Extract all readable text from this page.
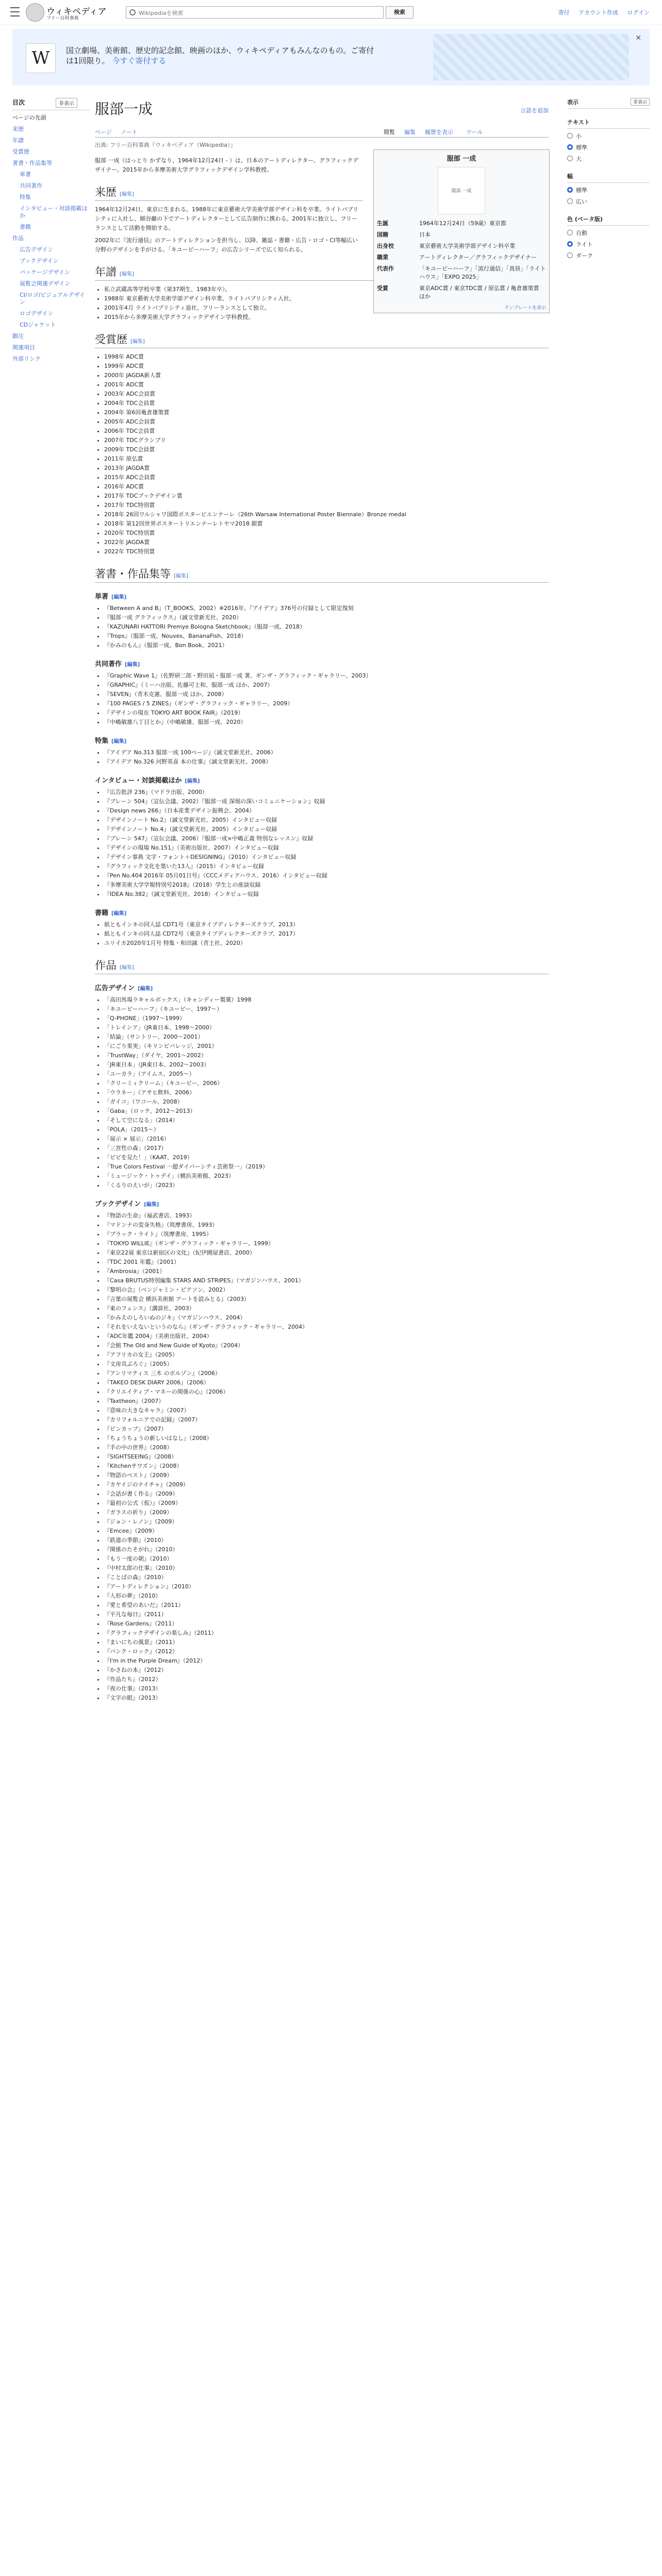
ウィキペディア
フリー百科事典
Wikipediaを検索
検索	寄付 アカウント作成 ログイン
W	国立劇場、美術館、歴史的記念館、映画のほか、ウィキペディアもみんなのもの。ご寄付は1回限り。 今すぐ寄付する
✕
目次	非表示
ページの先頭
来歴
年譜
受賞歴
著書・作品集等
単著
共同著作
特集
インタビュー・対談掲載ほか
書籍
作品
広告デザイン
ブックデザイン
パッケージデザイン
展覧会関連デザイン
CI/ロゴ/ビジュアルデザイン
ロゴデザイン
CDジャケット
脚注
関連項目
外部リンク
服部一成	言語を追加
ページ ノート	閲覧 編集 履歴を表示 ツール
出典: フリー百科事典『ウィキペディア（Wikipedia）』
服部 一成
服部 一成
生誕	1964年12月24日（59歳）東京都
国籍	日本
出身校	東京藝術大学美術学部デザイン科卒業
職業	アートディレクター／グラフィックデザイナー
代表作	「キユーピーハーフ」「流行通信」「真昼」「ライトハウス」「EXPO 2025」
受賞	東京ADC賞 / 東京TDC賞 / 原弘賞 / 亀倉雄策賞 ほか
テンプレートを表示
服部 一成（はっとり かずなり、1964年12月24日 - ）は、日本のアートディレクター、グラフィックデザイナー。2015年から多摩美術大学グラフィックデザイン学科教授。
来歴 [編集]
1964年12月24日、東京に生まれる。1988年に東京藝術大学美術学部デザイン科を卒業。ライトパブリシティに入社し、細谷巖の下でアートディレクターとして広告制作に携わる。2001年に独立し、フリーランスとして活動を開始する。
2002年に『流行通信』のアートディレクションを担当し、以降、雑誌・書籍・広告・ロゴ・CI等幅広い分野のデザインを手がける。「キユーピーハーフ」の広告シリーズで広く知られる。
年譜 [編集]
• 私立武蔵高等学校卒業（第37期生、1983年卒）。
• 1988年 東京藝術大学美術学部デザイン科卒業、ライトパブリシティ入社。
• 2001年4月 ライトパブリシティ退社、フリーランスとして独立。
• 2015年から多摩美術大学グラフィックデザイン学科教授。
受賞歴 [編集]
• 1998年 ADC賞
• 1999年 ADC賞
• 2000年 JAGDA新人賞
• 2001年 ADC賞
• 2003年 ADC会員賞
• 2004年 TDC会員賞
• 2004年 第6回亀倉雄策賞
• 2005年 ADC会員賞
• 2006年 TDC会員賞
• 2007年 TDCグランプリ
• 2009年 TDC会員賞
• 2011年 原弘賞
• 2013年 JAGDA賞
• 2015年 ADC会員賞
• 2016年 ADC賞
• 2017年 TDCブックデザイン賞
• 2017年 TDC特別賞
• 2018年 26回ワルシャワ国際ポスタービエンナーレ（26th Warsaw International Poster Biennale）Bronze medal
• 2018年 第12回世界ポスタートリエンナーレトヤマ2018 銀賞
• 2020年 TDC特別賞
• 2022年 JAGDA賞
• 2022年 TDC特別賞
著書・作品集等 [編集]
単著 [編集]
• 『Between A and B』（T_BOOKS、2002）※2016年、『アイデア』376号の付録として限定復刻
• 『服部一成 グラフィックス』（誠文堂新光社、2020）
• 『KAZUNARI HATTORI Premye Bologna Sketchbook』（服部一成、2018）
• 『Trops』（服部一成、Nouves、BananaFish、2018）
• 『かみのもん』（服部一成、Bon Book、2021）
共同著作 [編集]
• 『Graphic Wave 1』（佐野研二郎・野田凪・服部一成 著、ギンザ・グラフィック・ギャラリー、2003）
• 『GRAPHIC』（ミーハ出版、佐藤可士和、服部一成 ほか、2007）
• 『SEVEN』（青木克憲、服部一成 ほか、2008）
• 『100 PAGES / 5 ZINES』（ギンザ・グラフィック・ギャラリー、2009）
• 『デザインの現在 TOKYO ART BOOK FAIR』（2019）
• 『中嶋敏雄八丁目とか』（中嶋敏雄、服部一成、2020）
特集 [編集]
• 『アイデア No.313 服部一成 100ページ』（誠文堂新光社、2006）
• 『アイデア No.326 河野英喜 本の仕事』（誠文堂新光社、2008）
インタビュー・対談掲載ほか [編集]
• 『広告批評 236』（マドラ出版、2000）
• 『ブレーン 504』（宣伝会議、2002）『服部一成 深堀の深いコミュニケーション』収録
• 『Design news 266』（日本産業デザイン振興会、2004）
• 『デザインノート No.2』（誠文堂新光社、2005）インタビュー収録
• 『デザインノート No.4』（誠文堂新光社、2005）インタビュー収録
• 『ブレーン 547』（宣伝会議、2006）『服部一成×中嶋正義 特別なレッスン』収録
• 『デザインの現場 No.151』（美術出版社、2007）インタビュー収録
• 『デザイン事典 文字・フォント＋DESIGNING』（2010）インタビュー収録
• 『グラフィック文化を築いた13人』（2015）インタビュー収録
• 『Pen No.404 2016年 05月01日号』（CCCメディアハウス、2016）インタビュー収録
• 『多摩美術大学学報特別号2018』（2018）学生との座談収録
• 『IDEA No.382』（誠文堂新光社、2018）インタビュー収録
書籍 [編集]
• 紙ともインキの同人誌 CDT1号（東京タイプディレクターズクラブ、2013）
• 紙ともインキの同人誌 CDT2号（東京タイプディレクターズクラブ、2017）
• ユリイカ2020年1月号 特集・和田誠（青土社、2020）
作品 [編集]
広告デザイン [編集]
• 「高田馬場ラキャルボックス」（キャンディー製菓）1998
• 「キユーピーハーフ」（キユーピー、1997〜）
• 「Q-PHONE」（1997〜1999）
• 「トレインア」（JR東日本、1998〜2000）
• 「結論」（サントリー、2000〜2001）
• 「にごり果実」（キリンビバレッジ、2001）
• 「TrustWay」（ダイヤ、2001〜2002）
• 「JR東日本」（JR東日本、2002〜2003）
• 「ユーカラ」（アイムス、2005〜）
• 「クリーミィクリーム」（キユーピー、2006）
• 「ウラネー」（アサヒ飲料、2006）
• 「ガイコ」（ワコール、2008）
• 「Gaba」（ロッテ、2012〜2013）
• 「そして空になる」（2014）
• 「POLA」（2015〜）
• 「展示 × 展示」（2016）
• 「三宮性の森」（2017）
• 「ピピを見た！」（KAAT、2019）
• 「True Colors Festival 一超ダイバーシティ芸術祭一」（2019）
• 「ミュージック・トゥデイ」（横浜美術館、2023）
• 「くるりのえいが」（2023）
ブックデザイン [編集]
• 『物語の生命』（福武書店、1993）
• 『マドンナの変身失格』（筑摩書房、1993）
• 『ブラック・ライト』（筑摩書房、1995）
• 『TOKYO WILLIE』（ギンザ・グラフィック・ギャラリー、1999）
• 『東京22展 東京は新宿区の文化』（紀伊國屋書店、2000）
• 『TDC 2001 年鑑』（2001）
• 『Ambrosia』（2001）
• 『Casa BRUTUS特別編集 STARS AND STRIPES』（マガジンハウス、2001）
• 『黎明の会』（ベンジャミン・ピアソン、2002）
• 『言葉の展覧会 横浜美術館 アートを読みとる』（2003）
• 『東のフェンス』（講談社、2003）
• 『かみえのしろいぬのジキ』（マガジンハウス、2004）
• 『それをいえないというのなら』（ギンザ・グラフィック・ギャラリー、2004）
• 『ADC年鑑 2004』（美術出版社、2004）
• 『会館 The Old and New Guide of Kyoto』（2004）
• 『アフリカの女王』（2005）
• 『文房具ぶろぐ』（2005）
• 『アンリマティス 三木 のボルゾン』（2006）
• 『TAKEO DESK DIARY 2006』（2006）
• 『クリエイティブ・マネーの関係の心』（2006）
• 『Taxtheon』（2007）
• 『意味の大きなキャラ』（2007）
• 『カリフォルニアでの記録』（2007）
• 『ピンカップ』（2007）
• 『ちょうちょうの新しいはなし』（2008）
• 『手の中の世界』（2008）
• 『SIGHTSEEING』（2008）
• 『Kitchenサワズン』（2008）
• 『物語のベスト』（2009）
• 『カヤイジのナイチャ』（2009）
• 『会話が書く作る』（2009）
• 『最初の公式（仮）』（2009）
• 『ガラスの祈り』（2009）
• 『ジョン・レノン』（2009）
• 『Emcee』（2009）
• 『鉄道の季節』（2010）
• 『関係のたそがれ』（2010）
• 『もう一度の朝』（2010）
• 『中村太郎の仕事』（2010）
• 『ことばの森』（2010）
• 『アートディレクション』（2010）
• 『人形の夢』（2010）
• 『愛と希望のあいだ』（2011）
• 『平凡な毎日』（2011）
• 『Rose Gardens』（2011）
• 『グラフィックデザインの楽しみ』（2011）
• 『まいにちの風景』（2011）
• 『パンク・ロック』（2012）
• 『I'm in the Purple Dream』（2012）
• 『かさねの本』（2012）
• 『作品たち』（2012）
• 『夜の仕事』（2013）
• 『文字の眼』（2013）
表示	非表示
テキスト
小
標準
大
幅
標準
広い
色 (ベータ版)
自動
ライト
ダーク
